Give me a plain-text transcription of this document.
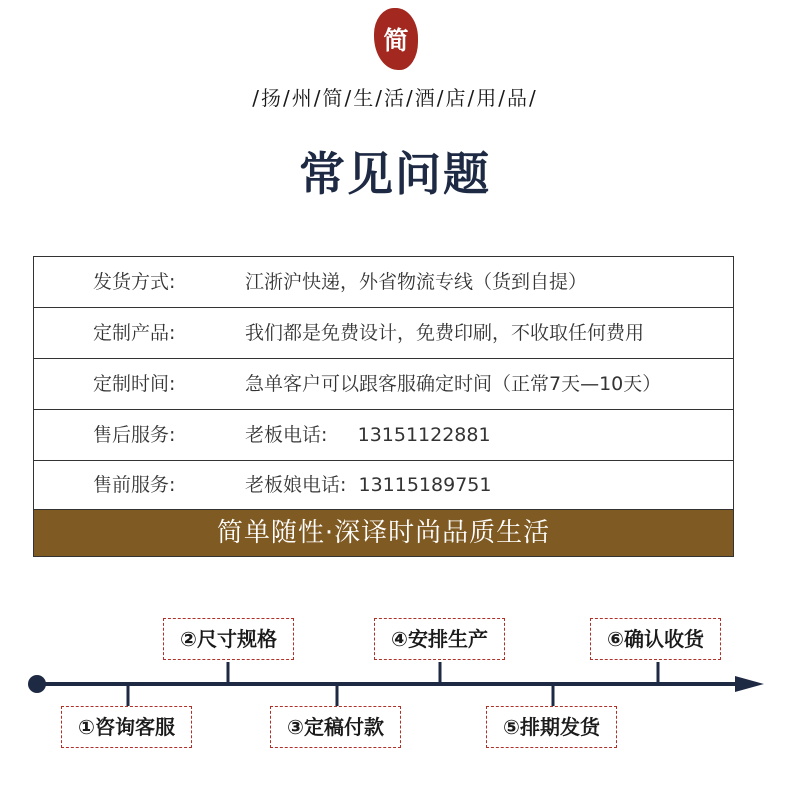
简
/扬/州/简/生/活/酒/店/用/品/
常见问题
发货方式:	江浙沪快递，外省物流专线（货到自提）
定制产品:	我们都是免费设计，免费印刷，不收取任何费用
定制时间:	急单客户可以跟客服确定时间（正常7天—10天）
售后服务:	老板电话:     13151122881
售前服务:	老板娘电话:  13115189751
简单随性·深译时尚品质生活
①咨询客服
②尺寸规格
③定稿付款
④安排生产
⑤排期发货
⑥确认收货
